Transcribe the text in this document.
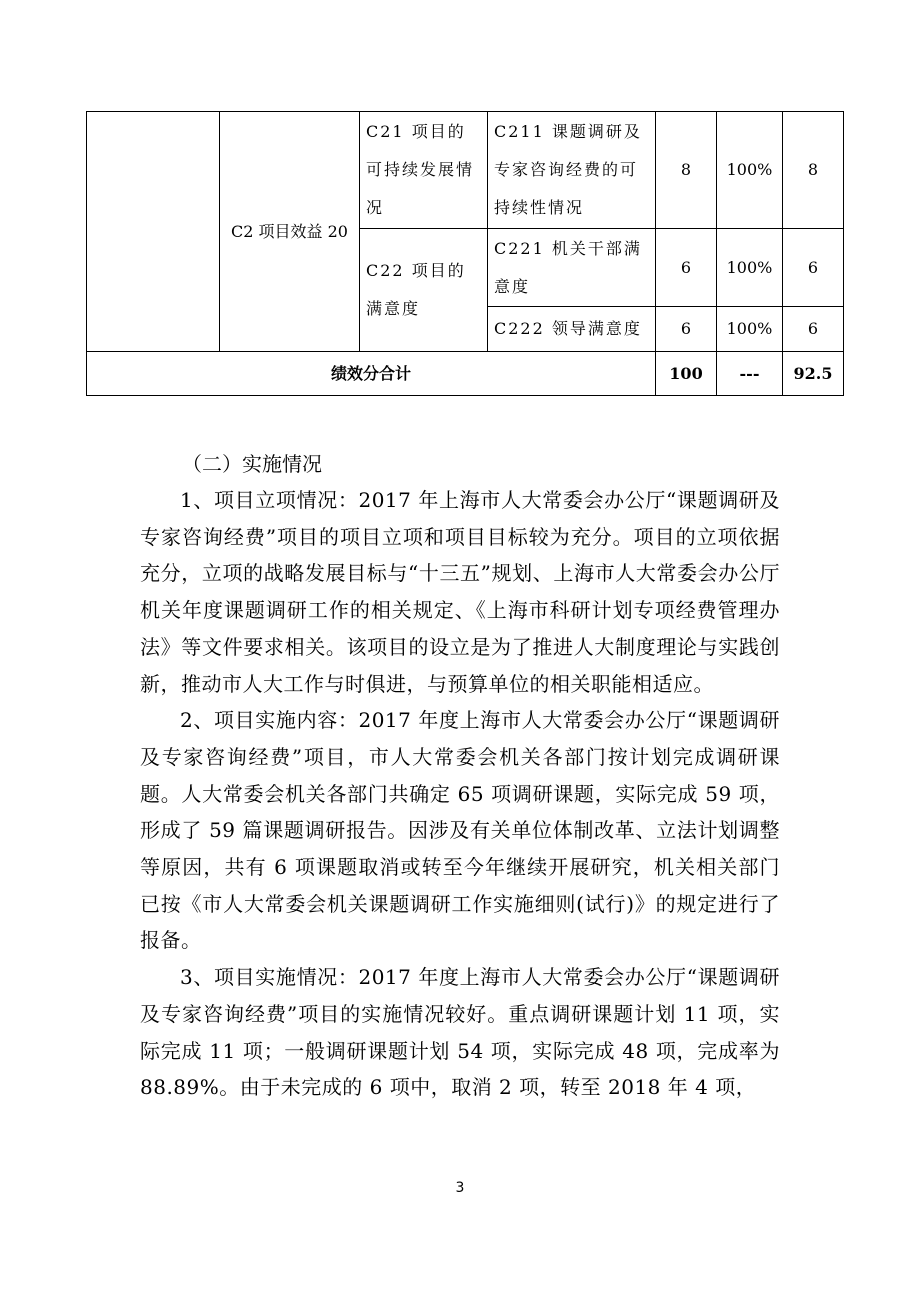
	C2 项目效益 20	C21 项目的可持续发展情况	C211 课题调研及专家咨询经费的可持续性情况	8	100%	8
		C22 项目的满意度	C221 机关干部满意度	6	100%	6
			C222 领导满意度	6	100%	6
绩效分合计				100	---	92.5
（二）实施情况

1、项目立项情况：2017 年上海市人大常委会办公厅“课题调研及专家咨询经费”项目的项目立项和项目目标较为充分。项目的立项依据充分，立项的战略发展目标与“十三五”规划、上海市人大常委会办公厅机关年度课题调研工作的相关规定、《上海市科研计划专项经费管理办法》等文件要求相关。该项目的设立是为了推进人大制度理论与实践创新，推动市人大工作与时俱进，与预算单位的相关职能相适应。

2、项目实施内容：2017 年度上海市人大常委会办公厅“课题调研及专家咨询经费”项目，市人大常委会机关各部门按计划完成调研课题。人大常委会机关各部门共确定 65 项调研课题，实际完成 59 项，形成了 59 篇课题调研报告。因涉及有关单位体制改革、立法计划调整等原因，共有 6 项课题取消或转至今年继续开展研究，机关相关部门已按《市人大常委会机关课题调研工作实施细则(试行)》的规定进行了报备。

3、项目实施情况：2017 年度上海市人大常委会办公厅“课题调研及专家咨询经费”项目的实施情况较好。重点调研课题计划 11 项，实际完成 11 项；一般调研课题计划 54 项，实际完成 48 项，完成率为 88.89%。由于未完成的 6 项中，取消 2 项，转至 2018 年 4 项，

3
